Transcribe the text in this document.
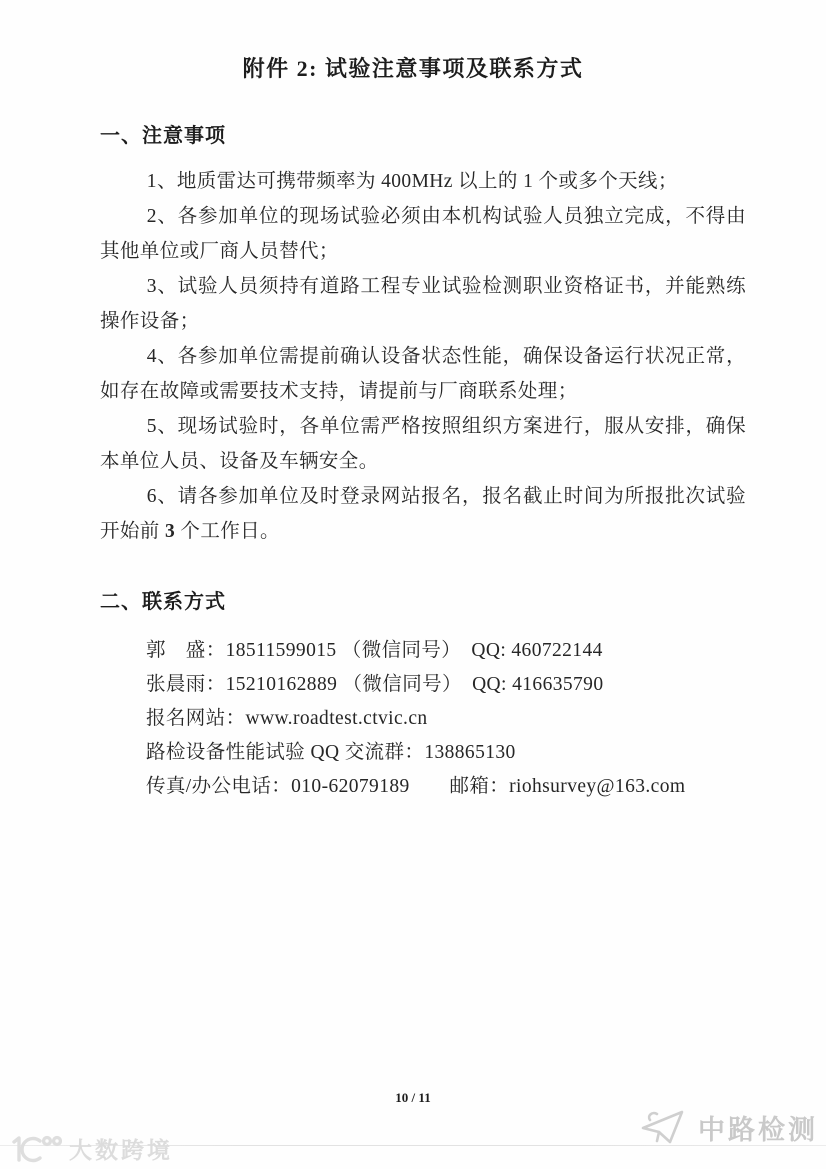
附件 2: 试验注意事项及联系方式
一、注意事项

1、地质雷达可携带频率为 400MHz 以上的 1 个或多个天线；

2、各参加单位的现场试验必须由本机构试验人员独立完成，不得由其他单位或厂商人员替代；

3、试验人员须持有道路工程专业试验检测职业资格证书，并能熟练操作设备；

4、各参加单位需提前确认设备状态性能，确保设备运行状况正常，如存在故障或需要技术支持，请提前与厂商联系处理；

5、现场试验时，各单位需严格按照组织方案进行，服从安排，确保本单位人员、设备及车辆安全。

6、请各参加单位及时登录网站报名，报名截止时间为所报批次试验开始前 3 个工作日。

二、联系方式
郭　盛：18511599015 （微信同号）　QQ: 460722144
张晨雨：15210162889 （微信同号）　QQ: 416635790
报名网站：www.roadtest.ctvic.cn
路检设备性能试验 QQ 交流群：138865130
传真/办公电话：010-62079189　　邮箱：riohsurvey@163.com
10 / 11
大数跨境
中路检测
